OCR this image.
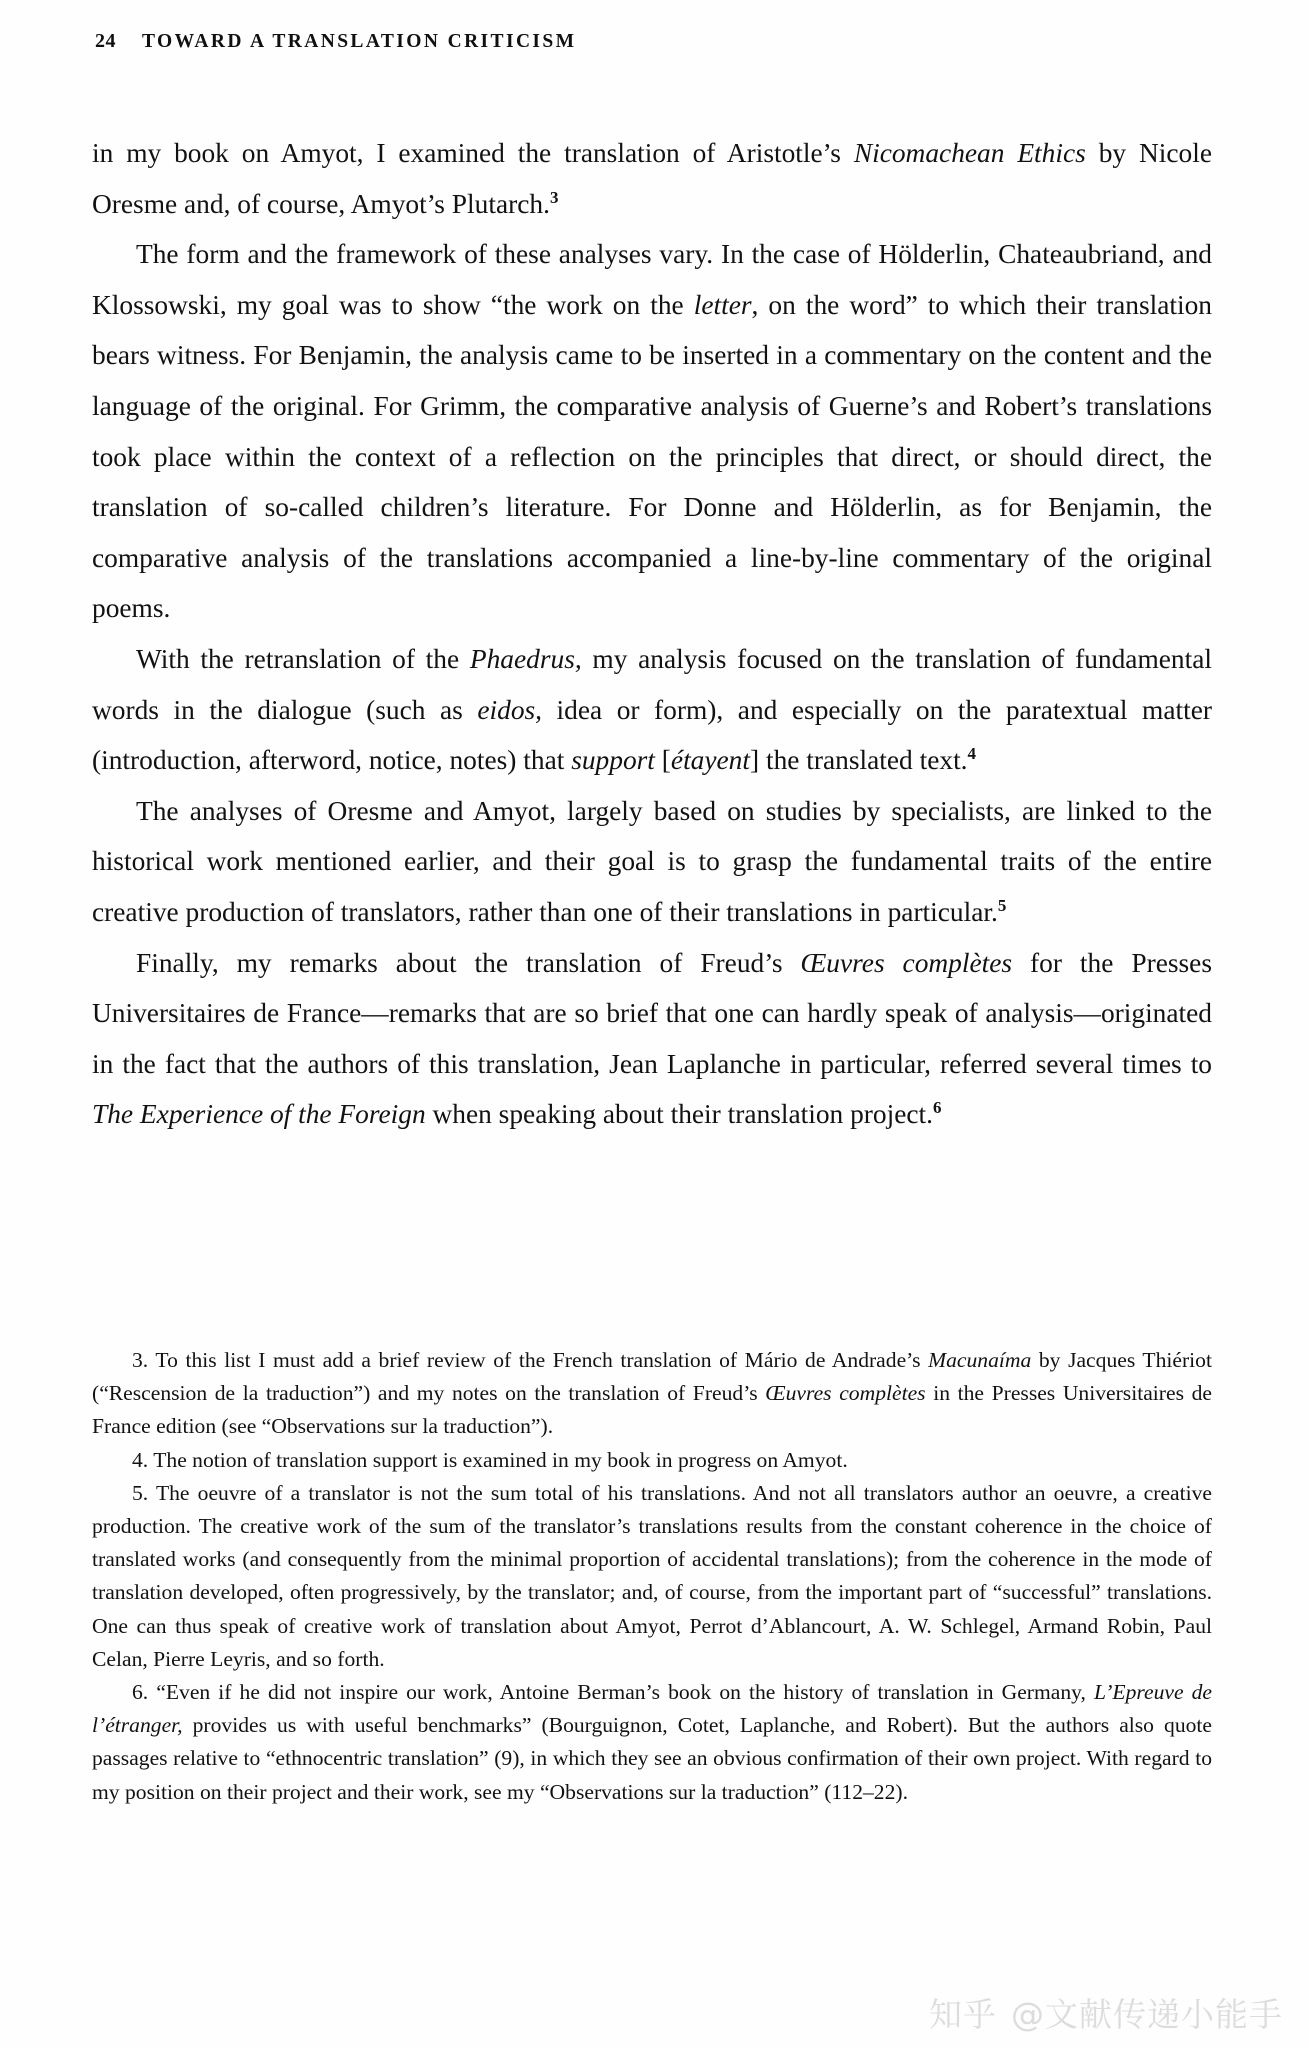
24 TOWARD A TRANSLATION CRITICISM

in my book on Amyot, I examined the translation of Aristotle’s Nicomachean Ethics by Nicole Oresme and, of course, Amyot’s Plutarch.$^3$

The form and the framework of these analyses vary. In the case of Hölderlin, Chateaubriand, and Klossowski, my goal was to show “the work on the letter, on the word” to which their translation bears witness. For Benjamin, the analysis came to be inserted in a commentary on the content and the language of the original. For Grimm, the comparative analysis of Guerne’s and Robert’s translations took place within the context of a reflection on the principles that direct, or should direct, the translation of so-called children’s literature. For Donne and Hölderlin, as for Benjamin, the comparative analysis of the translations accompanied a line-by-line commentary of the original poems.

With the retranslation of the Phaedrus, my analysis focused on the translation of fundamental words in the dialogue (such as eidos, idea or form), and especially on the paratextual matter (introduction, afterword, notice, notes) that support [étayent] the translated text.$^4$

The analyses of Oresme and Amyot, largely based on studies by specialists, are linked to the historical work mentioned earlier, and their goal is to grasp the fundamental traits of the entire creative production of translators, rather than one of their translations in particular.$^5$

Finally, my remarks about the translation of Freud’s Œuvres complètes for the Presses Universitaires de France—remarks that are so brief that one can hardly speak of analysis—originated in the fact that the authors of this translation, Jean Laplanche in particular, referred several times to The Experience of the Foreign when speaking about their translation project.$^6$

3. To this list I must add a brief review of the French translation of Mário de Andrade’s Macunaíma by Jacques Thiériot (“Rescension de la traduction”) and my notes on the translation of Freud’s Œuvres complètes in the Presses Universitaires de France edition (see “Observations sur la traduction”).

4. The notion of translation support is examined in my book in progress on Amyot.

5. The oeuvre of a translator is not the sum total of his translations. And not all translators author an oeuvre, a creative production. The creative work of the sum of the translator’s translations results from the constant coherence in the choice of translated works (and consequently from the minimal proportion of accidental translations); from the coherence in the mode of translation developed, often progressively, by the translator; and, of course, from the important part of “successful” translations. One can thus speak of creative work of translation about Amyot, Perrot d’Ablancourt, A. W. Schlegel, Armand Robin, Paul Celan, Pierre Leyris, and so forth.

6. “Even if he did not inspire our work, Antoine Berman’s book on the history of translation in Germany, L’Epreuve de l’étranger, provides us with useful benchmarks” (Bourguignon, Cotet, Laplanche, and Robert). But the authors also quote passages relative to “ethnocentric translation” (9), in which they see an obvious confirmation of their own project. With regard to my position on their project and their work, see my “Observations sur la traduction” (112–22).

知乎 @文献传递小能手
